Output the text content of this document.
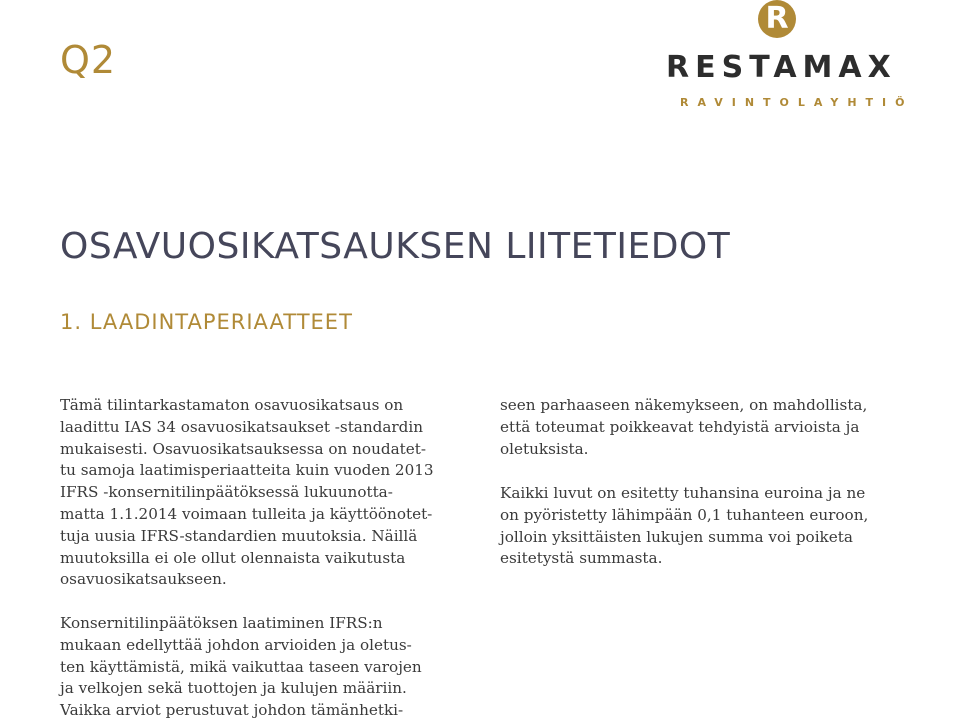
Q2
R
RESTAMAX
RAVINTOLAYHTIÖ
OSAVUOSIKATSAUKSEN LIITETIEDOT
1. LAADINTAPERIAATTEET

Tämä tilintarkastamaton osavuosikatsaus on
laadittu IAS 34 osavuosikatsaukset -standardin
mukaisesti. Osavuosikatsauksessa on noudatet-
tu samoja laatimisperiaatteita kuin vuoden 2013
IFRS -konsernitilinpäätöksessä lukuunotta-
matta 1.1.2014 voimaan tulleita ja käyttöönotet-
tuja uusia IFRS-standardien muutoksia. Näillä
muutoksilla ei ole ollut olennaista vaikutusta
osavuosikatsaukseen.

Konsernitilinpäätöksen laatiminen IFRS:n
mukaan edellyttää johdon arvioiden ja oletus-
ten käyttämistä, mikä vaikuttaa taseen varojen
ja velkojen sekä tuottojen ja kulujen määriin.
Vaikka arviot perustuvat johdon tämänhetki-

seen parhaaseen näkemykseen, on mahdollista,
että toteumat poikkeavat tehdyistä arvioista ja
oletuksista.

Kaikki luvut on esitetty tuhansina euroina ja ne
on pyöristetty lähimpään 0,1 tuhanteen euroon,
jolloin yksittäisten lukujen summa voi poiketa
esitetystä summasta.
